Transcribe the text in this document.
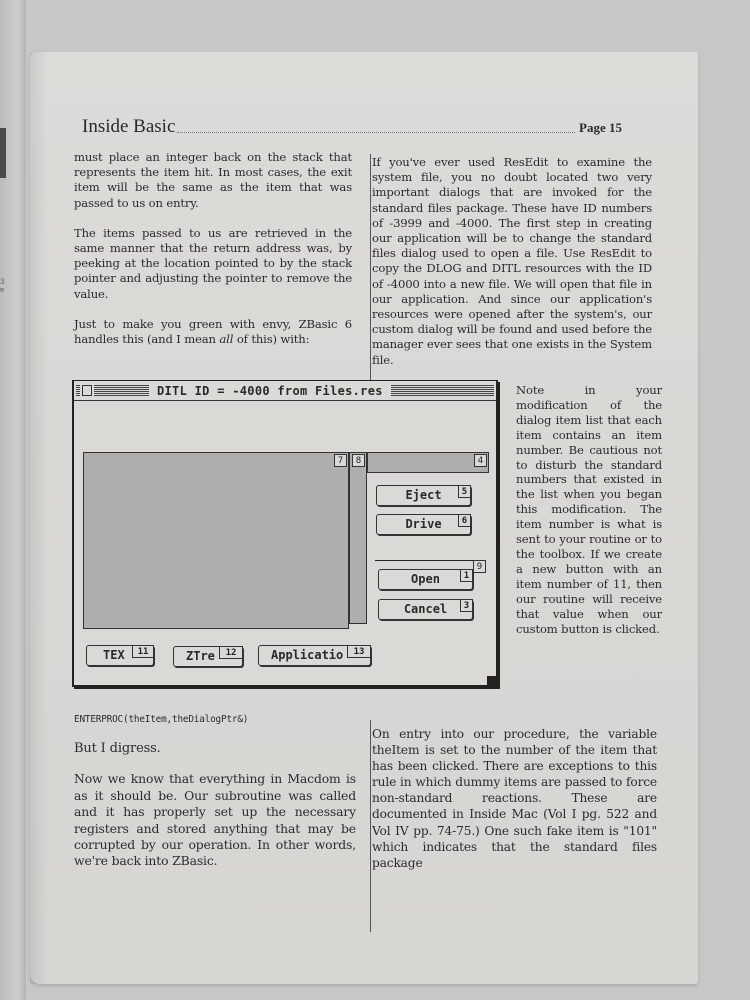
3
e
Inside Basic	Page 15

must place an integer back on the stack that represents the item hit. In most cases, the exit item will be the same as the item that was passed to us on entry.

The items passed to us are retrieved in the same manner that the return address was, by peeking at the location pointed to by the stack pointer and adjusting the pointer to remove the value.

Just to make you green with envy, ZBasic 6 handles this (and I mean all of this) with:

If you've ever used ResEdit to examine the system file, you no doubt located two very important dialogs that are invoked for the standard files package. These have ID numbers of -3999 and -4000. The first step in creating our application will be to change the standard files dialog used to open a file. Use ResEdit to copy the DLOG and DITL resources with the ID of -4000 into a new file. We will open that file in our application. And since our application's resources were opened after the system's, our custom dialog will be found and used before the manager ever sees that one exists in the System file.

DITL ID = -4000 from Files.res
7	8	4
Eject	5
Drive	6
9
Open	1
Cancel	3
TEX	11	ZTre	12	Applicatio	13

Note in your modification of the dialog item list that each item contains an item number. Be cautious not to disturb the standard numbers that existed in the list when you began this modification. The item number is what is sent to your routine or to the toolbox. If we create a new button with an item number of 11, then our routine will receive that value when our custom button is clicked.

ENTERPROC(theItem,theDialogPtr&)

But I digress.

Now we know that everything in Macdom is as it should be. Our subroutine was called and it has properly set up the necessary registers and stored anything that may be corrupted by our operation. In other words, we're back into ZBasic.

On entry into our procedure, the variable theItem is set to the number of the item that has been clicked. There are exceptions to this rule in which dummy items are passed to force non-standard reactions. These are documented in Inside Mac (Vol I pg. 522 and Vol IV pp. 74-75.) One such fake item is "101" which indicates that the standard files package
